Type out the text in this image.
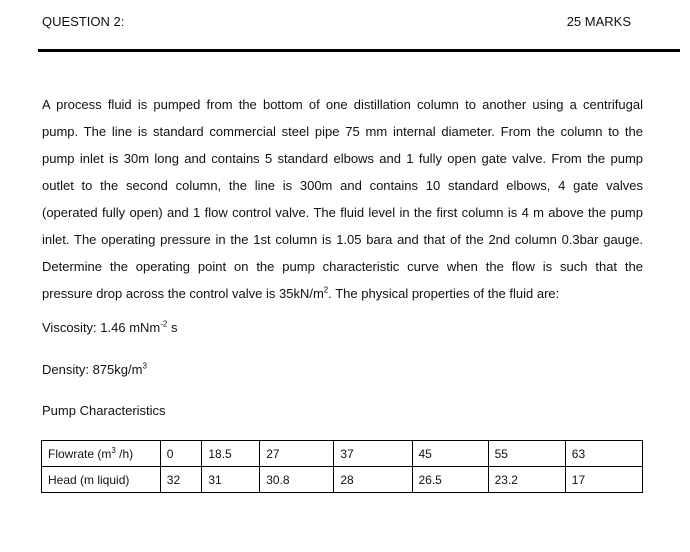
QUESTION 2:	25 MARKS
A process fluid is pumped from the bottom of one distillation column to another using a centrifugal
pump. The line is standard commercial steel pipe 75 mm internal diameter. From the column to the
pump inlet is 30m long and contains 5 standard elbows and 1 fully open gate valve. From the pump
outlet to the second column, the line is 300m and contains 10 standard elbows, 4 gate valves
(operated fully open) and 1 flow control valve. The fluid level in the first column is 4 m above the pump
inlet. The operating pressure in the 1st column is 1.05 bara and that of the 2nd column 0.3bar gauge.
Determine the operating point on the pump characteristic curve when the flow is such that the
pressure drop across the control valve is $35kN/m^2$. The physical properties of the fluid are:

Viscosity: 1.46 mNm$^{-2}$ s

Density: $875kg/m^3$

Pump Characteristics

Flowrate ($m^3$ /h)	0	18.5	27	37	45	55	63
Head (m liquid)	32	31	30.8	28	26.5	23.2	17
